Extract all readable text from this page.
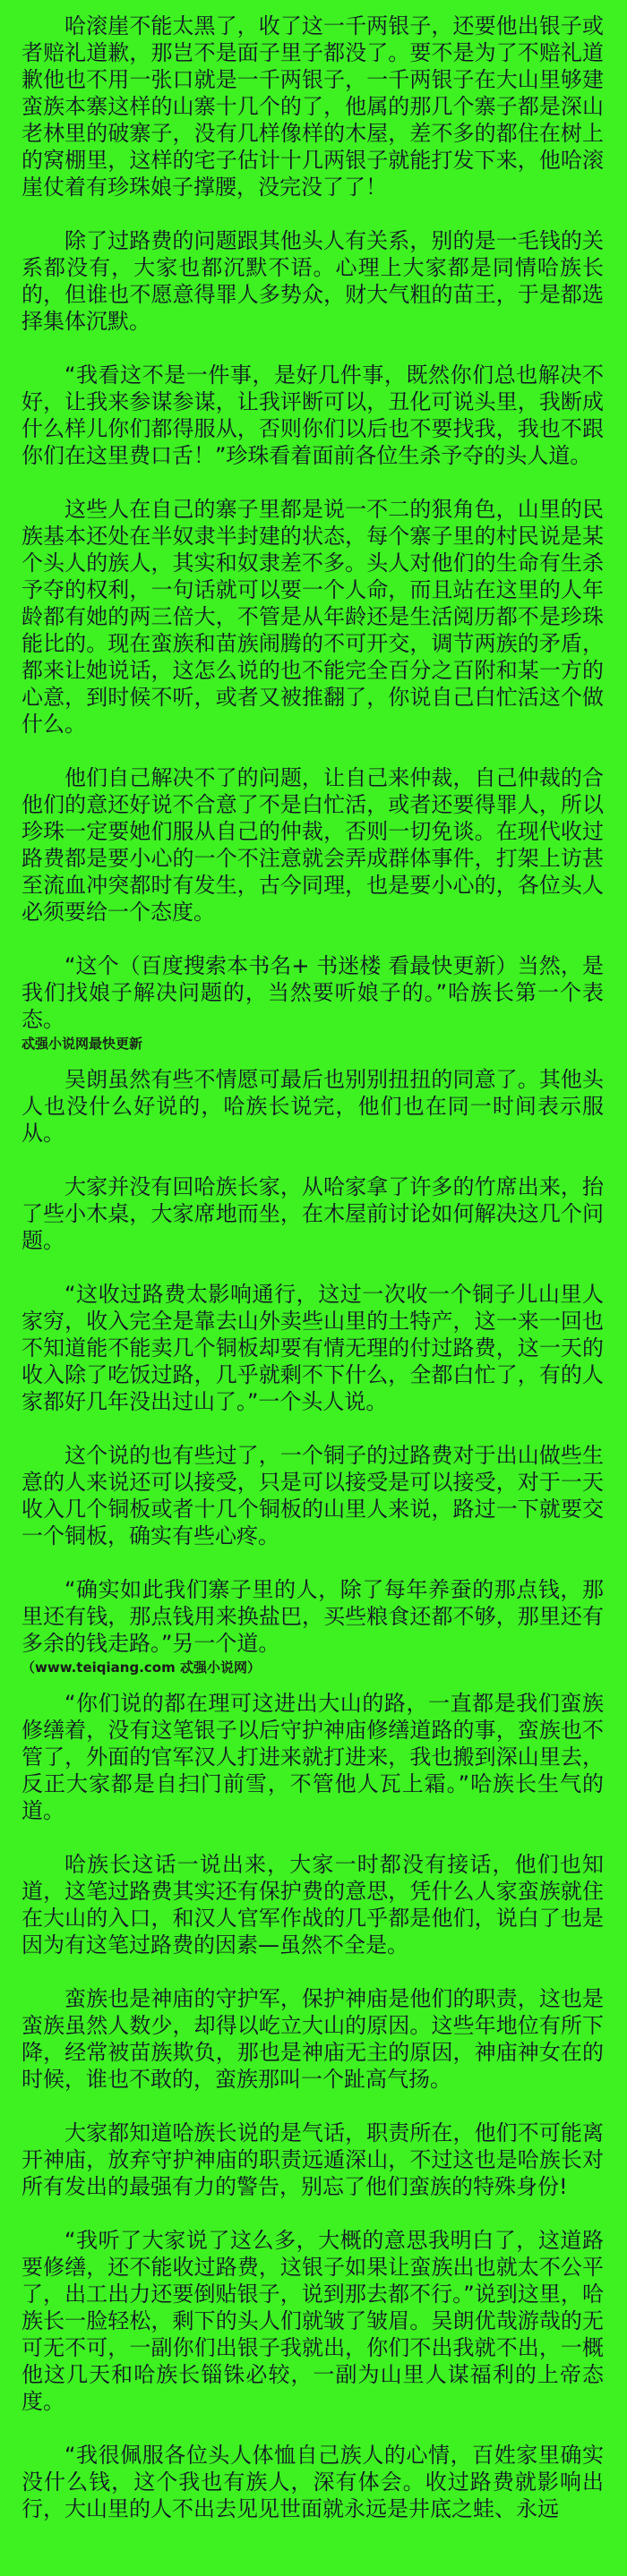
哈滚崖不能太黑了，收了这一千两银子，还要他出银子或者赔礼道歉，那岂不是面子里子都没了。要不是为了不赔礼道歉他也不用一张口就是一千两银子，一千两银子在大山里够建蛮族本寨这样的山寨十几个的了，他属的那几个寨子都是深山老林里的破寨子，没有几样像样的木屋，差不多的都住在树上的窝棚里，这样的宅子估计十几两银子就能打发下来，他哈滚崖仗着有珍珠娘子撑腰，没完没了了！

除了过路费的问题跟其他头人有关系，别的是一毛钱的关系都没有，大家也都沉默不语。心理上大家都是同情哈族长的，但谁也不愿意得罪人多势众，财大气粗的苗王，于是都选择集体沉默。

“我看这不是一件事，是好几件事，既然你们总也解决不好，让我来参谋参谋，让我评断可以，丑化可说头里，我断成什么样儿你们都得服从，否则你们以后也不要找我，我也不跟你们在这里费口舌！”珍珠看着面前各位生杀予夺的头人道。

这些人在自己的寨子里都是说一不二的狠角色，山里的民族基本还处在半奴隶半封建的状态，每个寨子里的村民说是某个头人的族人，其实和奴隶差不多。头人对他们的生命有生杀予夺的权利，一句话就可以要一个人命，而且站在这里的人年龄都有她的两三倍大，不管是从年龄还是生活阅历都不是珍珠能比的。现在蛮族和苗族闹腾的不可开交，调节两族的矛盾，都来让她说话，这怎么说的也不能完全百分之百附和某一方的心意，到时候不听，或者又被推翻了，你说自己白忙活这个做什么。

他们自己解决不了的问题，让自己来仲裁，自己仲裁的合他们的意还好说不合意了不是白忙活，或者还要得罪人，所以珍珠一定要她们服从自己的仲裁，否则一切免谈。在现代收过路费都是要小心的一个不注意就会弄成群体事件，打架上访甚至流血冲突都时有发生，古今同理，也是要小心的，各位头人必须要给一个态度。

“这个（百度搜索本书名+ 书迷楼 看最快更新）当然，是我们找娘子解决问题的，当然要听娘子的。”哈族长第一个表态。

忒强小说网最快更新

吴朗虽然有些不情愿可最后也别别扭扭的同意了。其他头人也没什么好说的，哈族长说完，他们也在同一时间表示服从。

大家并没有回哈族长家，从哈家拿了许多的竹席出来，抬了些小木桌，大家席地而坐，在木屋前讨论如何解决这几个问题。

“这收过路费太影响通行，这过一次收一个铜子儿山里人家穷，收入完全是靠去山外卖些山里的土特产，这一来一回也不知道能不能卖几个铜板却要有情无理的付过路费，这一天的收入除了吃饭过路，几乎就剩不下什么，全都白忙了，有的人家都好几年没出过山了。”一个头人说。

这个说的也有些过了，一个铜子的过路费对于出山做些生意的人来说还可以接受，只是可以接受是可以接受，对于一天收入几个铜板或者十几个铜板的山里人来说，路过一下就要交一个铜板，确实有些心疼。

“确实如此我们寨子里的人，除了每年养蚕的那点钱，那里还有钱，那点钱用来换盐巴，买些粮食还都不够，那里还有多余的钱走路。”另一个道。

（www.teiqiang.com 忒强小说网）

“你们说的都在理可这进出大山的路，一直都是我们蛮族修缮着，没有这笔银子以后守护神庙修缮道路的事，蛮族也不管了，外面的官军汉人打进来就打进来，我也搬到深山里去，反正大家都是自扫门前雪，不管他人瓦上霜。”哈族长生气的道。

哈族长这话一说出来，大家一时都没有接话，他们也知道，这笔过路费其实还有保护费的意思，凭什么人家蛮族就住在大山的入口，和汉人官军作战的几乎都是他们，说白了也是因为有这笔过路费的因素—虽然不全是。

蛮族也是神庙的守护军，保护神庙是他们的职责，这也是蛮族虽然人数少，却得以屹立大山的原因。这些年地位有所下降，经常被苗族欺负，那也是神庙无主的原因，神庙神女在的时候，谁也不敢的，蛮族那叫一个趾高气扬。

大家都知道哈族长说的是气话，职责所在，他们不可能离开神庙，放弃守护神庙的职责远遁深山，不过这也是哈族长对所有发出的最强有力的警告，别忘了他们蛮族的特殊身份!

“我听了大家说了这么多，大概的意思我明白了，这道路要修缮，还不能收过路费，这银子如果让蛮族出也就太不公平了，出工出力还要倒贴银子，说到那去都不行。”说到这里，哈族长一脸轻松，剩下的头人们就皱了皱眉。吴朗优哉游哉的无可无不可，一副你们出银子我就出，你们不出我就不出，一概他这几天和哈族长锱铢必较，一副为山里人谋福利的上帝态度。

“我很佩服各位头人体恤自己族人的心情，百姓家里确实没什么钱，这个我也有族人，深有体会。收过路费就影响出行，大山里的人不出去见见世面就永远是井底之蛙、永远
